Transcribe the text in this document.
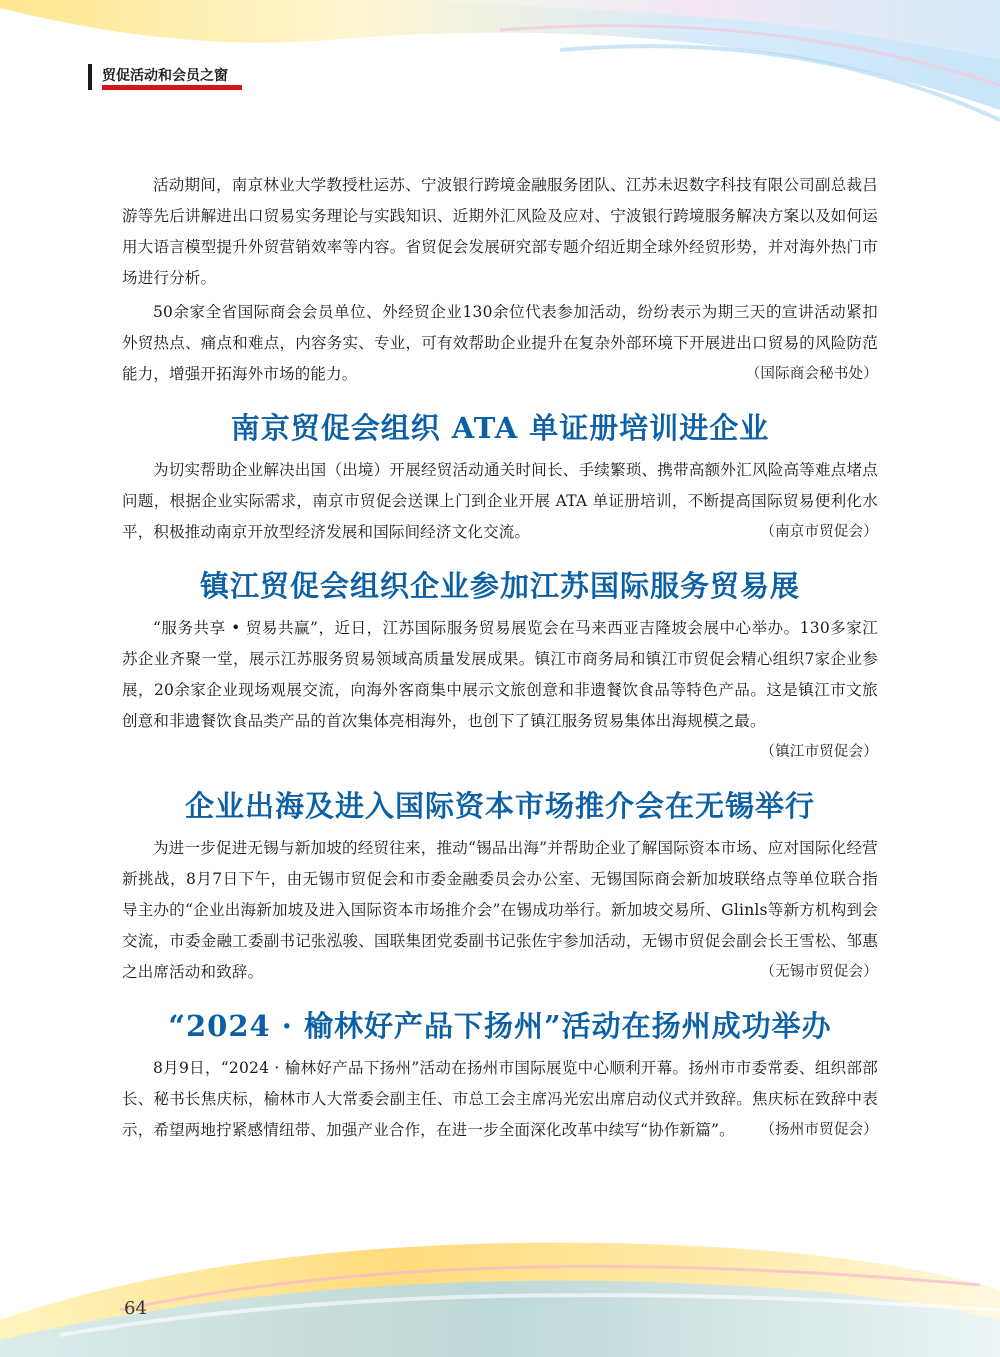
贸促活动和会员之窗

活动期间，南京林业大学教授杜运苏、宁波银行跨境金融服务团队、江苏未迟数字科技有限公司副总裁吕游等先后讲解进出口贸易实务理论与实践知识、近期外汇风险及应对、宁波银行跨境服务解决方案以及如何运用大语言模型提升外贸营销效率等内容。省贸促会发展研究部专题介绍近期全球外经贸形势，并对海外热门市场进行分析。

50余家全省国际商会会员单位、外经贸企业130余位代表参加活动，纷纷表示为期三天的宣讲活动紧扣外贸热点、痛点和难点，内容务实、专业，可有效帮助企业提升在复杂外部环境下开展进出口贸易的风险防范能力，增强开拓海外市场的能力。	（国际商会秘书处）

南京贸促会组织 ATA 单证册培训进企业

为切实帮助企业解决出国（出境）开展经贸活动通关时间长、手续繁琐、携带高额外汇风险高等难点堵点问题，根据企业实际需求，南京市贸促会送课上门到企业开展 ATA 单证册培训，不断提高国际贸易便利化水平，积极推动南京开放型经济发展和国际间经济文化交流。	（南京市贸促会）

镇江贸促会组织企业参加江苏国际服务贸易展

“服务共享 • 贸易共赢”，近日，江苏国际服务贸易展览会在马来西亚吉隆坡会展中心举办。130多家江苏企业齐聚一堂，展示江苏服务贸易领域高质量发展成果。镇江市商务局和镇江市贸促会精心组织7家企业参展，20余家企业现场观展交流，向海外客商集中展示文旅创意和非遗餐饮食品等特色产品。这是镇江市文旅创意和非遗餐饮食品类产品的首次集体亮相海外，也创下了镇江服务贸易集体出海规模之最。
（镇江市贸促会）

企业出海及进入国际资本市场推介会在无锡举行

为进一步促进无锡与新加坡的经贸往来，推动“锡品出海”并帮助企业了解国际资本市场、应对国际化经营新挑战，8月7日下午，由无锡市贸促会和市委金融委员会办公室、无锡国际商会新加坡联络点等单位联合指导主办的“企业出海新加坡及进入国际资本市场推介会”在锡成功举行。新加坡交易所、Glinls等新方机构到会交流，市委金融工委副书记张泓骏、国联集团党委副书记张佐宇参加活动，无锡市贸促会副会长王雪松、邹惠之出席活动和致辞。	（无锡市贸促会）

“2024 · 榆林好产品下扬州”活动在扬州成功举办

8月9日，“2024 · 榆林好产品下扬州”活动在扬州市国际展览中心顺利开幕。扬州市市委常委、组织部部长、秘书长焦庆标，榆林市人大常委会副主任、市总工会主席冯光宏出席启动仪式并致辞。焦庆标在致辞中表示，希望两地拧紧感情纽带、加强产业合作，在进一步全面深化改革中续写“协作新篇”。 （扬州市贸促会）

64
